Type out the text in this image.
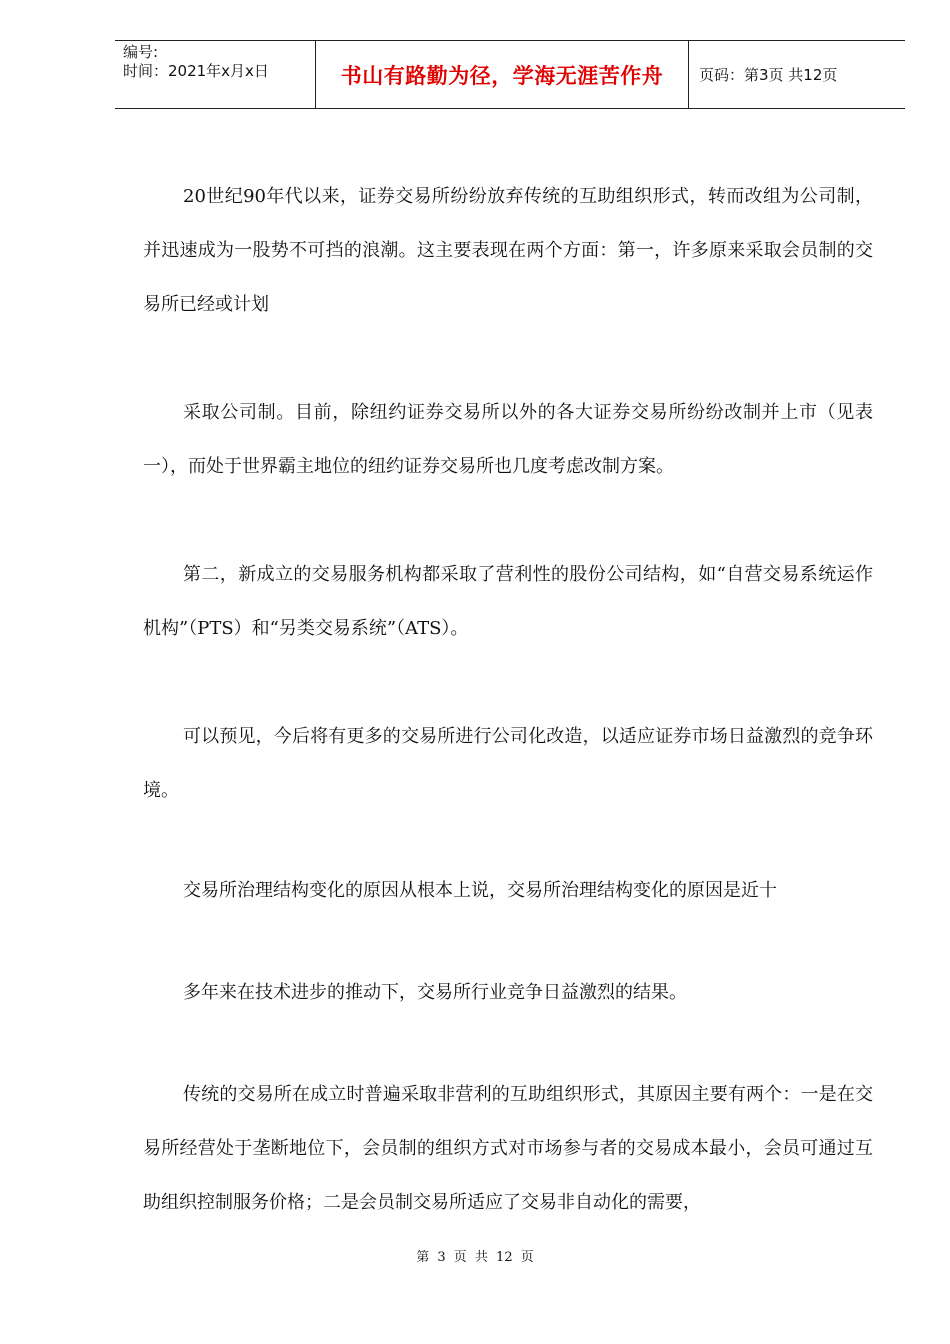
编号:
时间：2021年x月x日	书山有路勤为径，学海无涯苦作舟	页码：第3页 共12页

20世纪90年代以来，证券交易所纷纷放弃传统的互助组织形式，转而改组为公司制，并迅速成为一股势不可挡的浪潮。这主要表现在两个方面：第一，许多原来采取会员制的交易所已经或计划

采取公司制。目前，除纽约证券交易所以外的各大证券交易所纷纷改制并上市（见表一），而处于世界霸主地位的纽约证券交易所也几度考虑改制方案。

第二，新成立的交易服务机构都采取了营利性的股份公司结构，如“自营交易系统运作机构”（PTS）和“另类交易系统”（ATS）。

可以预见，今后将有更多的交易所进行公司化改造，以适应证券市场日益激烈的竞争环境。

交易所治理结构变化的原因从根本上说，交易所治理结构变化的原因是近十

多年来在技术进步的推动下，交易所行业竞争日益激烈的结果。

传统的交易所在成立时普遍采取非营利的互助组织形式，其原因主要有两个：一是在交易所经营处于垄断地位下，会员制的组织方式对市场参与者的交易成本最小，会员可通过互助组织控制服务价格；二是会员制交易所适应了交易非自动化的需要，

第 3 页 共 12 页
